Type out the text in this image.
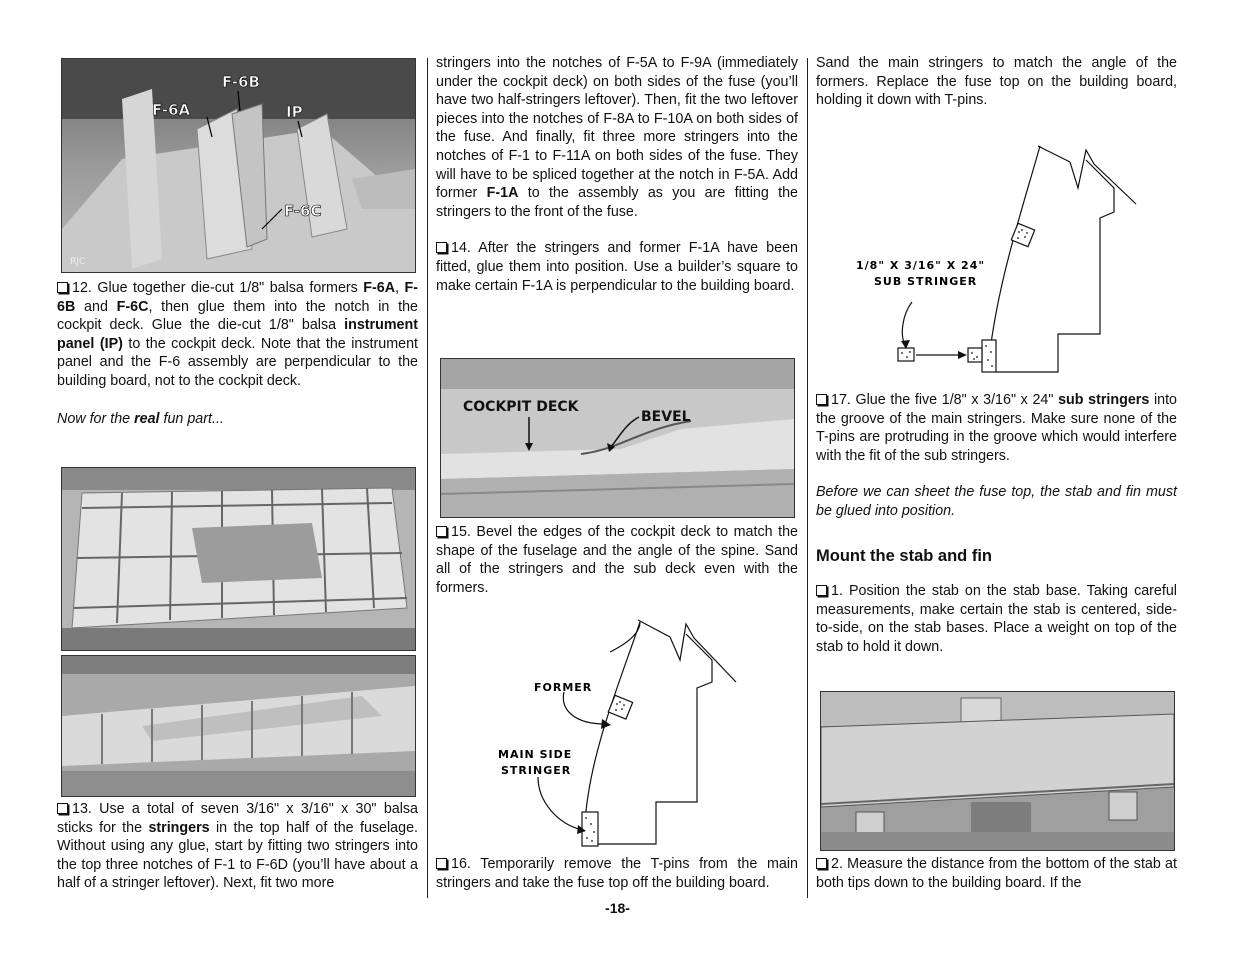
F-6B
F-6A	IP
F-6C
RJC

12. Glue together die-cut 1/8" balsa formers F-6A, F-6B and F-6C, then glue them into the notch in the cockpit deck. Glue the die-cut 1/8" balsa instrument panel (IP) to the cockpit deck. Note that the instrument panel and the F-6 assembly are perpendicular to the building board, not to the cockpit deck.

Now for the real fun part...

13. Use a total of seven 3/16" x 3/16" x 30" balsa sticks for the stringers in the top half of the fuselage. Without using any glue, start by fitting two stringers into the top three notches of F-1 to F-6D (you’ll have about a half of a stringer leftover). Next, fit two more

stringers into the notches of F-5A to F-9A (immediately under the cockpit deck) on both sides of the fuse (you’ll have two half-stringers leftover). Then, fit the two leftover pieces into the notches of F-8A to F-10A on both sides of the fuse. And finally, fit three more stringers into the notches of F-1 to F-11A on both sides of the fuse. They will have to be spliced together at the notch in F-5A. Add former F-1A to the assembly as you are fitting the stringers to the front of the fuse.

14. After the stringers and former F-1A have been fitted, glue them into position. Use a builder’s square to make certain F-1A is perpendicular to the building board.

COCKPIT DECK
BEVEL

15. Bevel the edges of the cockpit deck to match the shape of the fuselage and the angle of the spine. Sand all of the stringers and the sub deck even with the formers.

FORMER
MAIN SIDE
STRINGER

16. Temporarily remove the T-pins from the main stringers and take the fuse top off the building board.

Sand the main stringers to match the angle of the formers. Replace the fuse top on the building board, holding it down with T-pins.

1/8" X 3/16" X 24"
SUB STRINGER

17. Glue the five 1/8" x 3/16" x 24" sub stringers into the groove of the main stringers. Make sure none of the T-pins are protruding in the groove which would interfere with the fit of the sub stringers.

Before we can sheet the fuse top, the stab and fin must be glued into position.

Mount the stab and fin

1. Position the stab on the stab base. Taking careful measurements, make certain the stab is centered, side-to-side, on the stab bases. Place a weight on top of the stab to hold it down.

2. Measure the distance from the bottom of the stab at both tips down to the building board. If the

-18-
